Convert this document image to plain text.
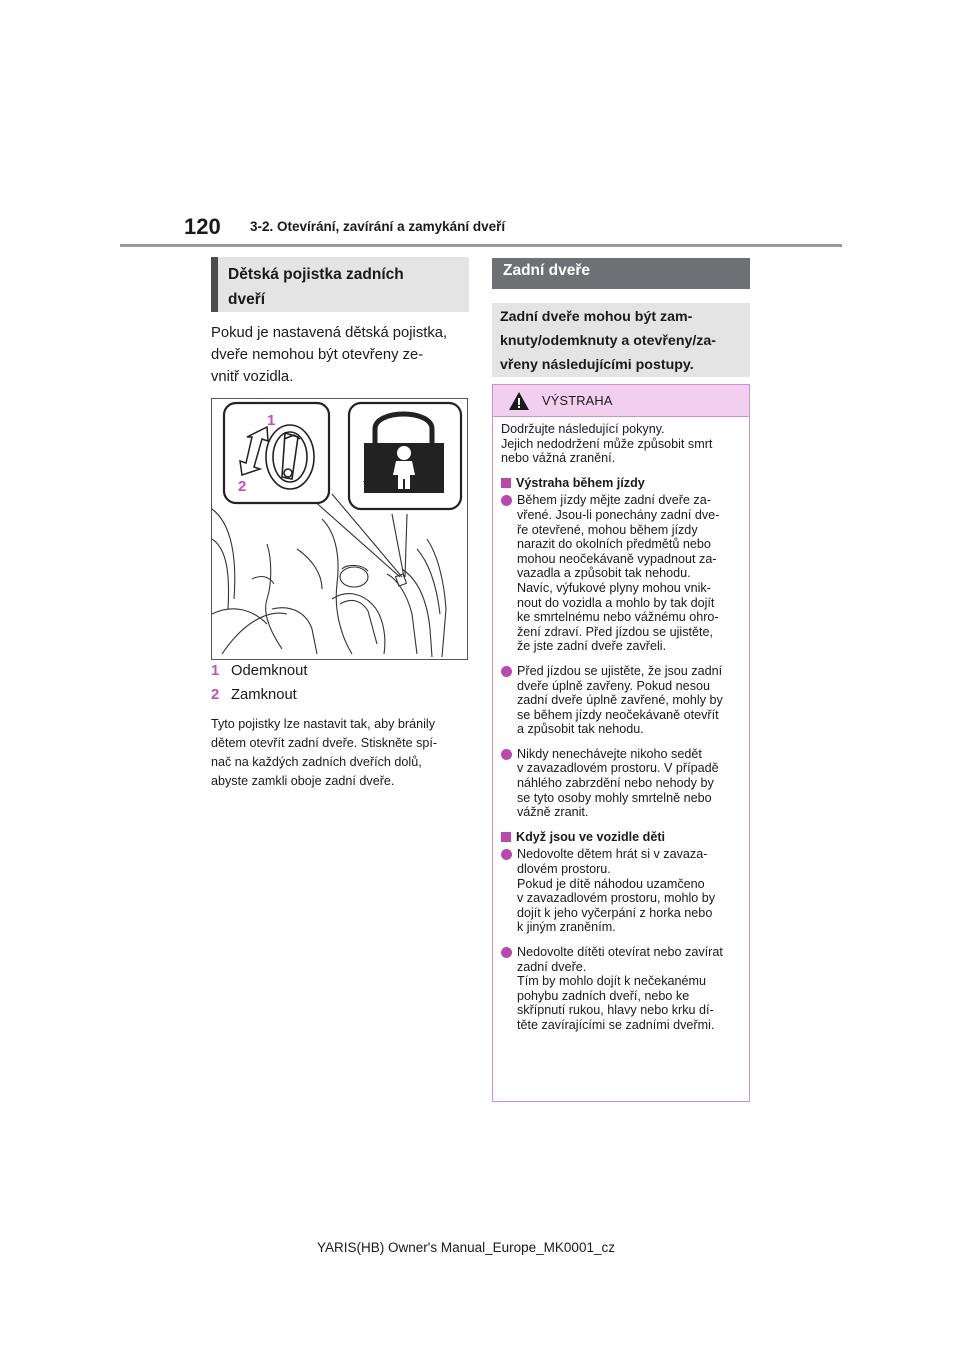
120 3-2. Otevírání, zavírání a zamykání dveří
Dětská pojistka zadních
dveří
Pokud je nastavená dětská pojistka,
dveře nemohou být otevřeny ze-
vnitř vozidla.
1
2
1 Odemknout
2 Zamknout
Tyto pojistky lze nastavit tak, aby bránily
dětem otevřít zadní dveře. Stiskněte spí-
nač na každých zadních dveřích dolů,
abyste zamkli oboje zadní dveře.
Zadní dveře
Zadní dveře mohou být zam-
knuty/odemknuty a otevřeny/za-
vřeny následujícími postupy.
VÝSTRAHA
Dodržujte následující pokyny.
Jejich nedodržení může způsobit smrt
nebo vážná zranění.
Výstraha během jízdy
Během jízdy mějte zadní dveře za-
vřené. Jsou-li ponechány zadní dve-
ře otevřené, mohou během jízdy
narazit do okolních předmětů nebo
mohou neočekávaně vypadnout za-
vazadla a způsobit tak nehodu.
Navíc, výfukové plyny mohou vnik-
nout do vozidla a mohlo by tak dojít
ke smrtelnému nebo vážnému ohro-
žení zdraví. Před jízdou se ujistěte,
že jste zadní dveře zavřeli.
Před jízdou se ujistěte, že jsou zadní
dveře úplně zavřeny. Pokud nesou
zadní dveře úplně zavřené, mohly by
se během jízdy neočekávaně otevřít
a způsobit tak nehodu.
Nikdy nenechávejte nikoho sedět
v zavazadlovém prostoru. V případě
náhlého zabrzdění nebo nehody by
se tyto osoby mohly smrtelně nebo
vážně zranit.
Když jsou ve vozidle děti
Nedovolte dětem hrát si v zavaza-
dlovém prostoru.
Pokud je dítě náhodou uzamčeno
v zavazadlovém prostoru, mohlo by
dojít k jeho vyčerpání z horka nebo
k jiným zraněním.
Nedovolte dítěti otevírat nebo zavírat
zadní dveře.
Tím by mohlo dojít k nečekanému
pohybu zadních dveří, nebo ke
skřípnutí rukou, hlavy nebo krku dí-
těte zavírajícími se zadními dveřmi.
YARIS(HB) Owner's Manual_Europe_MK0001_cz
